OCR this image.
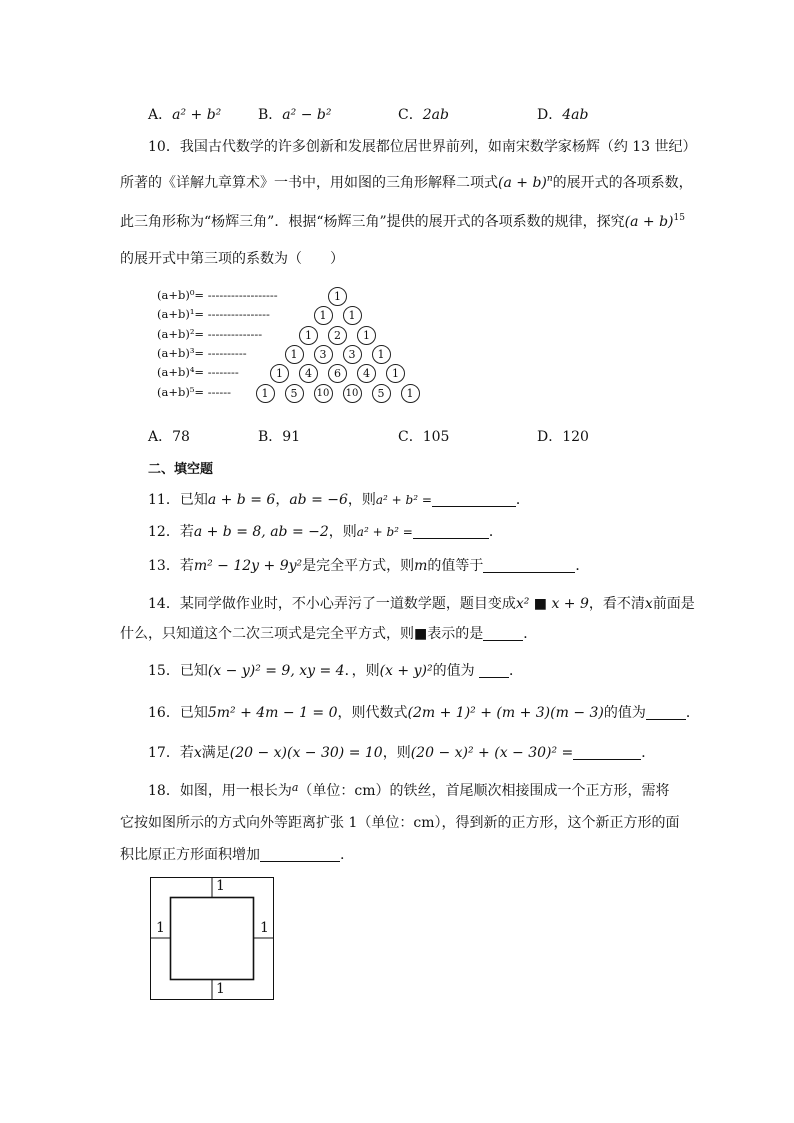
A．a² + b²	B．a² − b²	C．2ab	D．4ab
10．我国古代数学的许多创新和发展都位居世界前列，如南宋数学家杨辉（约 13 世纪）
所著的《详解九章算术》一书中，用如图的三角形解释二项式$(a + b)^n$的展开式的各项系数，
此三角形称为“杨辉三角”．根据“杨辉三角”提供的展开式的各项系数的规律，探究$(a + b)^{15}$
的展开式中第三项的系数为（　　）
(a+b)⁰= ------------------	1
(a+b)¹= ----------------	1	1
(a+b)²= --------------	1	2	1
(a+b)³= ----------	1	3	3	1
(a+b)⁴= --------	1	4	6	4	1
(a+b)⁵= ------	1	5	10	10	5	1
A．78	B．91	C．105	D．120
二、填空题
11．已知a + b = 6，ab = −6，则a² + b² =	．
12．若a + b = 8, ab = −2，则a² + b² =	．
13．若m² − 12y + 9y²是完全平方式，则m的值等于	．
14．某同学做作业时，不小心弄污了一道数学题，题目变成x² ■ x + 9，看不清x前面是
什么，只知道这个二次三项式是完全平方式，则■表示的是	．
15．已知(x − y)² = 9, xy = 4．，则(x + y)²的值为 ．
16．已知5m² + 4m − 1 = 0，则代数式(2m + 1)² + (m + 3)(m − 3)的值为	．
17．若x满足(20 − x)(x − 30) = 10，则(20 − x)² + (x − 30)² =	．
18．如图，用一根长为$^a$（单位：cm）的铁丝，首尾顺次相接围成一个正方形，需将
它按如图所示的方式向外等距离扩张 1（单位：cm），得到新的正方形，这个新正方形的面
积比原正方形面积增加	.
1
1	1
1
